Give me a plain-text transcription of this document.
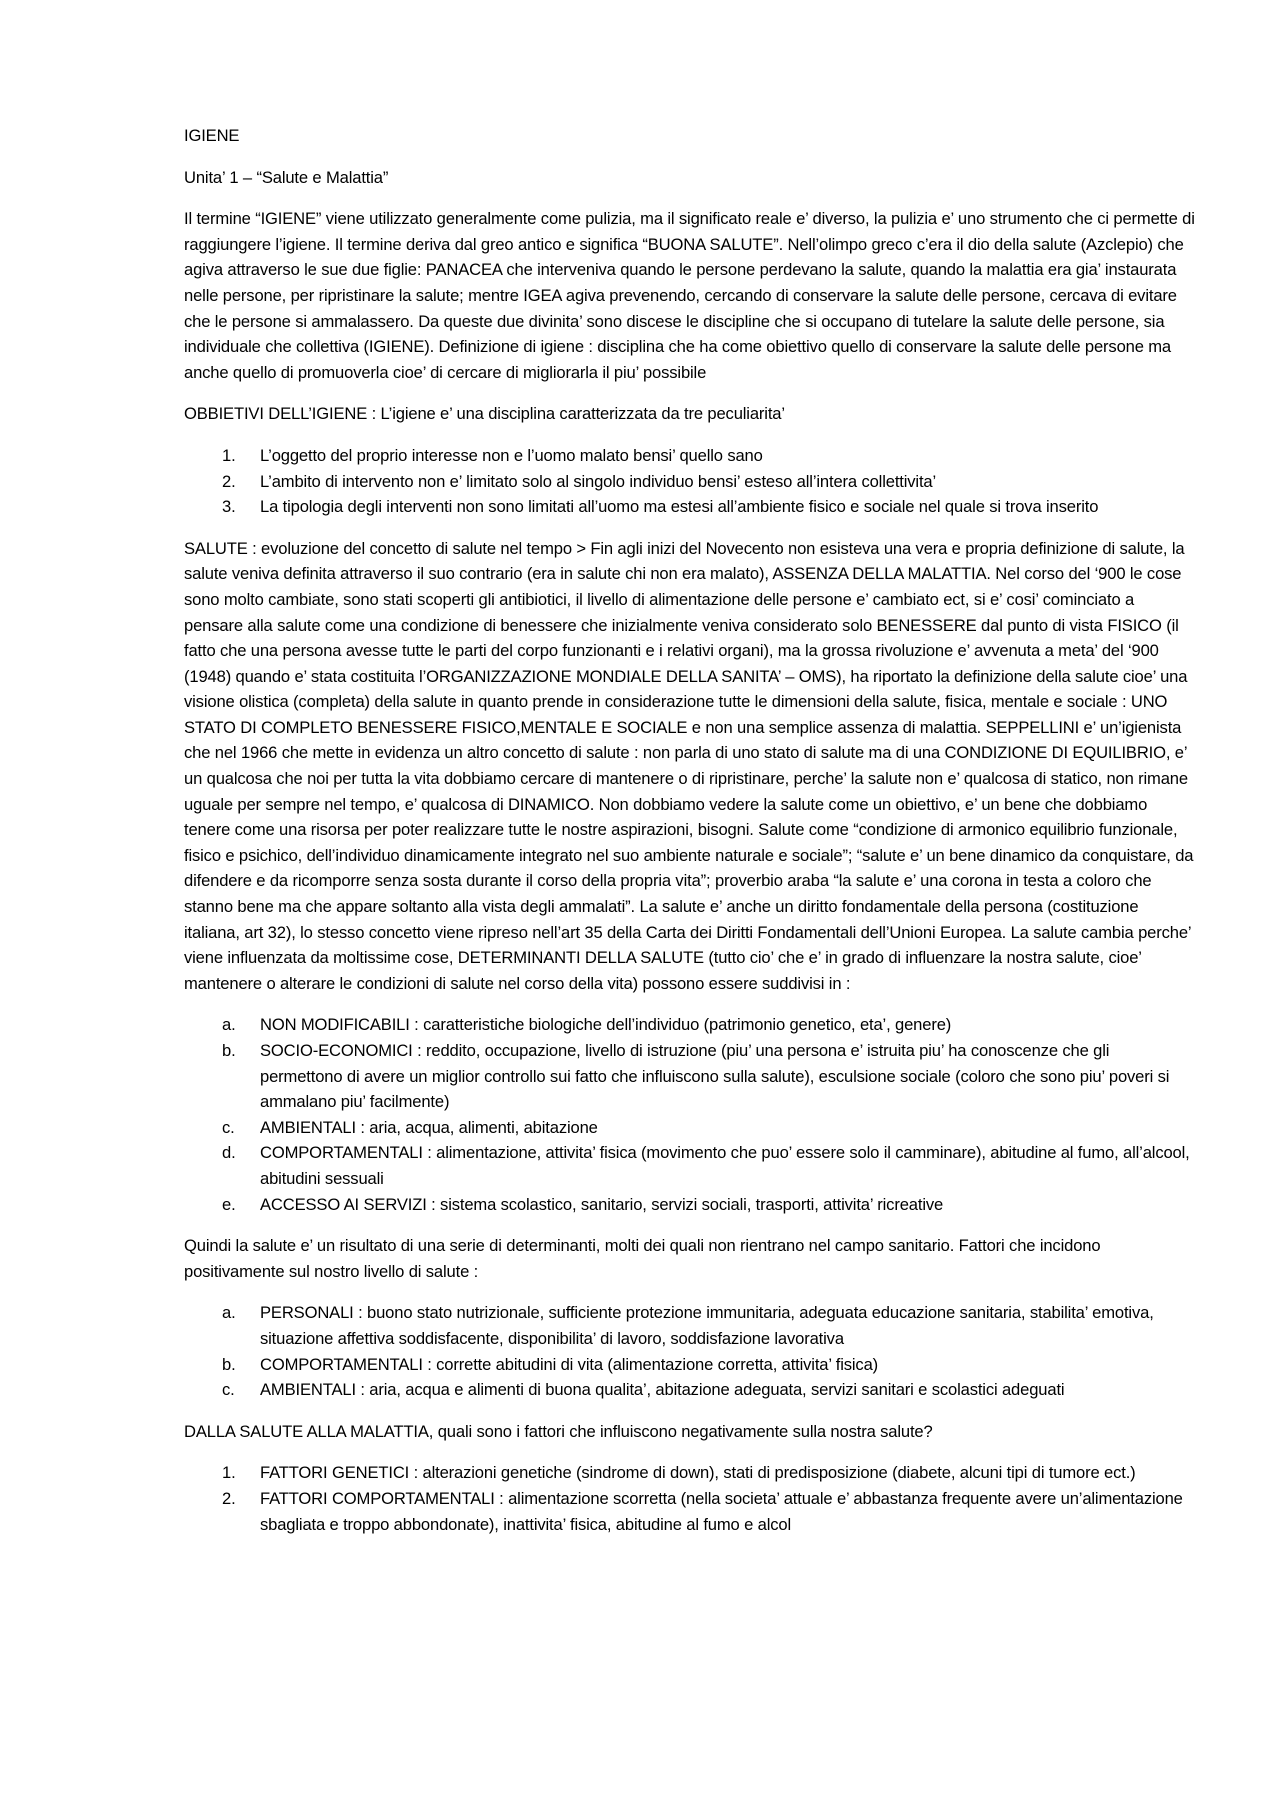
IGIENE

Unita’ 1 – “Salute e Malattia”

Il termine “IGIENE” viene utilizzato generalmente come pulizia, ma il significato reale e’ diverso, la pulizia e’ uno strumento che ci permette di raggiungere l’igiene. Il termine deriva dal greo antico e significa “BUONA SALUTE”. Nell’olimpo greco c’era il dio della salute (Azclepio) che agiva attraverso le sue due figlie: PANACEA che interveniva quando le persone perdevano la salute, quando la malattia era gia’ instaurata nelle persone, per ripristinare la salute; mentre IGEA agiva prevenendo, cercando di conservare la salute delle persone, cercava di evitare che le persone si ammalassero. Da queste due divinita’ sono discese le discipline che si occupano di tutelare la salute delle persone, sia individuale che collettiva (IGIENE). Definizione di igiene : disciplina che ha come obiettivo quello di conservare la salute delle persone ma anche quello di promuoverla cioe’ di cercare di migliorarla il piu’ possibile

OBBIETIVI DELL’IGIENE : L’igiene e’ una disciplina caratterizzata da tre peculiarita’

1. L’oggetto del proprio interesse non e l’uomo malato bensi’ quello sano
2. L’ambito di intervento non e’ limitato solo al singolo individuo bensi’ esteso all’intera collettivita’
3. La tipologia degli interventi non sono limitati all’uomo ma estesi all’ambiente fisico e sociale nel quale si trova inserito

SALUTE : evoluzione del concetto di salute nel tempo > Fin agli inizi del Novecento non esisteva una vera e propria definizione di salute, la salute veniva definita attraverso il suo contrario (era in salute chi non era malato), ASSENZA DELLA MALATTIA. Nel corso del ‘900 le cose sono molto cambiate, sono stati scoperti gli antibiotici, il livello di alimentazione delle persone e’ cambiato ect, si e’ cosi’ cominciato a pensare alla salute come una condizione di benessere che inizialmente veniva considerato solo BENESSERE dal punto di vista FISICO (il fatto che una persona avesse tutte le parti del corpo funzionanti e i relativi organi), ma la grossa rivoluzione e’ avvenuta a meta’ del ‘900 (1948) quando e’ stata costituita l’ORGANIZZAZIONE MONDIALE DELLA SANITA’ – OMS), ha riportato la definizione della salute cioe’ una visione olistica (completa) della salute in quanto prende in considerazione tutte le dimensioni della salute, fisica, mentale e sociale : UNO STATO DI COMPLETO BENESSERE FISICO,MENTALE E SOCIALE e non una semplice assenza di malattia. SEPPELLINI e’ un’igienista che nel 1966 che mette in evidenza un altro concetto di salute : non parla di uno stato di salute ma di una CONDIZIONE DI EQUILIBRIO, e’ un qualcosa che noi per tutta la vita dobbiamo cercare di mantenere o di ripristinare, perche’ la salute non e’ qualcosa di statico, non rimane uguale per sempre nel tempo, e’ qualcosa di DINAMICO. Non dobbiamo vedere la salute come un obiettivo, e’ un bene che dobbiamo tenere come una risorsa per poter realizzare tutte le nostre aspirazioni, bisogni. Salute come “condizione di armonico equilibrio funzionale, fisico e psichico, dell’individuo dinamicamente integrato nel suo ambiente naturale e sociale”; “salute e’ un bene dinamico da conquistare, da difendere e da ricomporre senza sosta durante il corso della propria vita”; proverbio araba “la salute e’ una corona in testa a coloro che stanno bene ma che appare soltanto alla vista degli ammalati”. La salute e’ anche un diritto fondamentale della persona (costituzione italiana, art 32), lo stesso concetto viene ripreso nell’art 35 della Carta dei Diritti Fondamentali dell’Unioni Europea. La salute cambia perche’ viene influenzata da moltissime cose, DETERMINANTI DELLA SALUTE (tutto cio’ che e’ in grado di influenzare la nostra salute, cioe’ mantenere o alterare le condizioni di salute nel corso della vita) possono essere suddivisi in :

a. NON MODIFICABILI : caratteristiche biologiche dell’individuo (patrimonio genetico, eta’, genere)
b. SOCIO-ECONOMICI : reddito, occupazione, livello di istruzione (piu’ una persona e’ istruita piu’ ha conoscenze che gli permettono di avere un miglior controllo sui fatto che influiscono sulla salute), esculsione sociale (coloro che sono piu’ poveri si ammalano piu’ facilmente)
c. AMBIENTALI : aria, acqua, alimenti, abitazione
d. COMPORTAMENTALI : alimentazione, attivita’ fisica (movimento che puo’ essere solo il camminare), abitudine al fumo, all’alcool, abitudini sessuali
e. ACCESSO AI SERVIZI : sistema scolastico, sanitario, servizi sociali, trasporti, attivita’ ricreative

Quindi la salute e’ un risultato di una serie di determinanti, molti dei quali non rientrano nel campo sanitario. Fattori che incidono positivamente sul nostro livello di salute :

a. PERSONALI : buono stato nutrizionale, sufficiente protezione immunitaria, adeguata educazione sanitaria, stabilita’ emotiva, situazione affettiva soddisfacente, disponibilita’ di lavoro, soddisfazione lavorativa
b. COMPORTAMENTALI : corrette abitudini di vita (alimentazione corretta, attivita’ fisica)
c. AMBIENTALI : aria, acqua e alimenti di buona qualita’, abitazione adeguata, servizi sanitari e scolastici adeguati

DALLA SALUTE ALLA MALATTIA, quali sono i fattori che influiscono negativamente sulla nostra salute?

1. FATTORI GENETICI : alterazioni genetiche (sindrome di down), stati di predisposizione (diabete, alcuni tipi di tumore ect.)
2. FATTORI COMPORTAMENTALI : alimentazione scorretta (nella societa’ attuale e’ abbastanza frequente avere un’alimentazione sbagliata e troppo abbondonate), inattivita’ fisica, abitudine al fumo e alcol
